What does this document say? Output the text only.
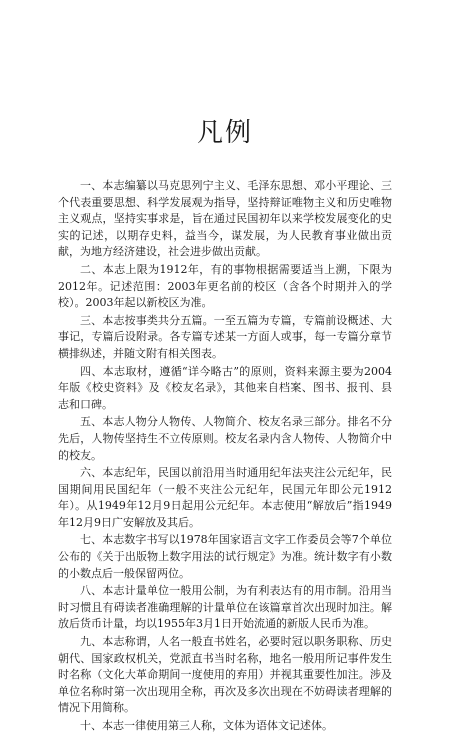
凡例

一、本志编纂以马克思列宁主义、毛泽东思想、邓小平理论、三个代表重要思想、科学发展观为指导，坚持辩证唯物主义和历史唯物主义观点，坚持实事求是，旨在通过民国初年以来学校发展变化的史实的记述，以期存史料，益当今，谋发展，为人民教育事业做出贡献，为地方经济建设，社会进步做出贡献。

二、本志上限为1912年，有的事物根据需要适当上溯，下限为2012年。记述范围：2003年更名前的校区（含各个时期并入的学校）。2003年起以新校区为准。

三、本志按事类共分五篇。一至五篇为专篇，专篇前设概述、大事记，专篇后设附录。各专篇专述某一方面人或事，每一专篇分章节横排纵述，并随文附有相关图表。

四、本志取材，遵循“详今略古”的原则，资料来源主要为2004年版《校史资料》及《校友名录》，其他来自档案、图书、报刊、县志和口碑。

五、本志人物分人物传、人物简介、校友名录三部分。排名不分先后，人物传坚持生不立传原则。校友名录内含人物传、人物简介中的校友。

六、本志纪年，民国以前沿用当时通用纪年法夹注公元纪年，民国期间用民国纪年（一般不夹注公元纪年，民国元年即公元1912年）。从1949年12月9日起用公元纪年。本志使用“解放后”指1949年12月9日广安解放及其后。

七、本志数字书写以1978年国家语言文字工作委员会等7个单位公布的《关于出版物上数字用法的试行规定》为准。统计数字有小数的小数点后一般保留两位。

八、本志计量单位一般用公制，为有利表达有的用市制。沿用当时习惯且有碍读者准确理解的计量单位在该篇章首次出现时加注。解放后货币计量，均以1955年3月1日开始流通的新版人民币为准。

九、本志称谓，人名一般直书姓名，必要时冠以职务职称、历史朝代、国家政权机关，党派直书当时名称，地名一般用所记事件发生时名称（文化大革命期间一度使用的弃用）并视其重要性加注。涉及单位名称时第一次出现用全称，再次及多次出现在不妨碍读者理解的情况下用简称。

十、本志一律使用第三人称，文体为语体文记述体。
